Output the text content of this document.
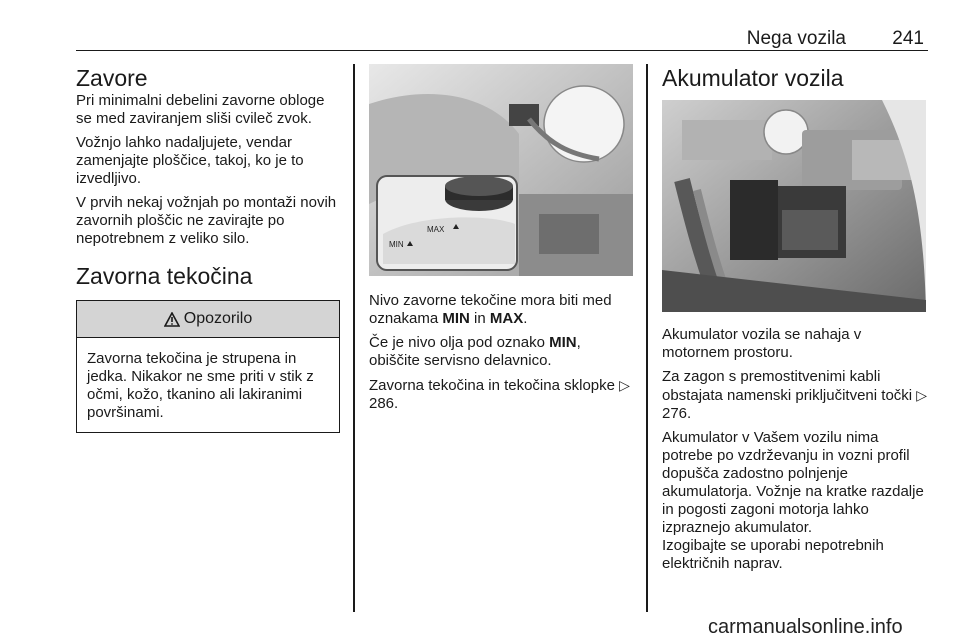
Nega vozila 241
Zavore

Pri minimalni debelini zavorne obloge se med zaviranjem sliši cvileč zvok.

Vožnjo lahko nadaljujete, vendar zamenjajte ploščice, takoj, ko je to izvedljivo.

V prvih nekaj vožnjah po montaži novih zavornih ploščic ne zavirajte po nepotrebnem z veliko silo.

Zavorna tekočina
Opozorilo

Zavorna tekočina je strupena in jedka. Nikakor ne sme priti v stik z očmi, kožo, tkanino ali lakiranimi površinami.

MAX
MIN

Nivo zavorne tekočine mora biti med oznakama MIN in MAX.

Če je nivo olja pod oznako MIN, obiščite servisno delavnico.

Zavorna tekočina in tekočina sklopke ▷ 286.

Akumulator vozila

Akumulator vozila se nahaja v motornem prostoru.

Za zagon s premostitvenimi kabli obstajata namenski priključitveni točki ▷ 276.

Akumulator v Vašem vozilu nima potrebe po vzdrževanju in vozni profil dopušča zadostno polnjenje akumulatorja. Vožnje na kratke razdalje in pogosti zagoni motorja lahko izpraznejo akumulator.

Izogibajte se uporabi nepotrebnih električnih naprav.

carmanualsonline.info
